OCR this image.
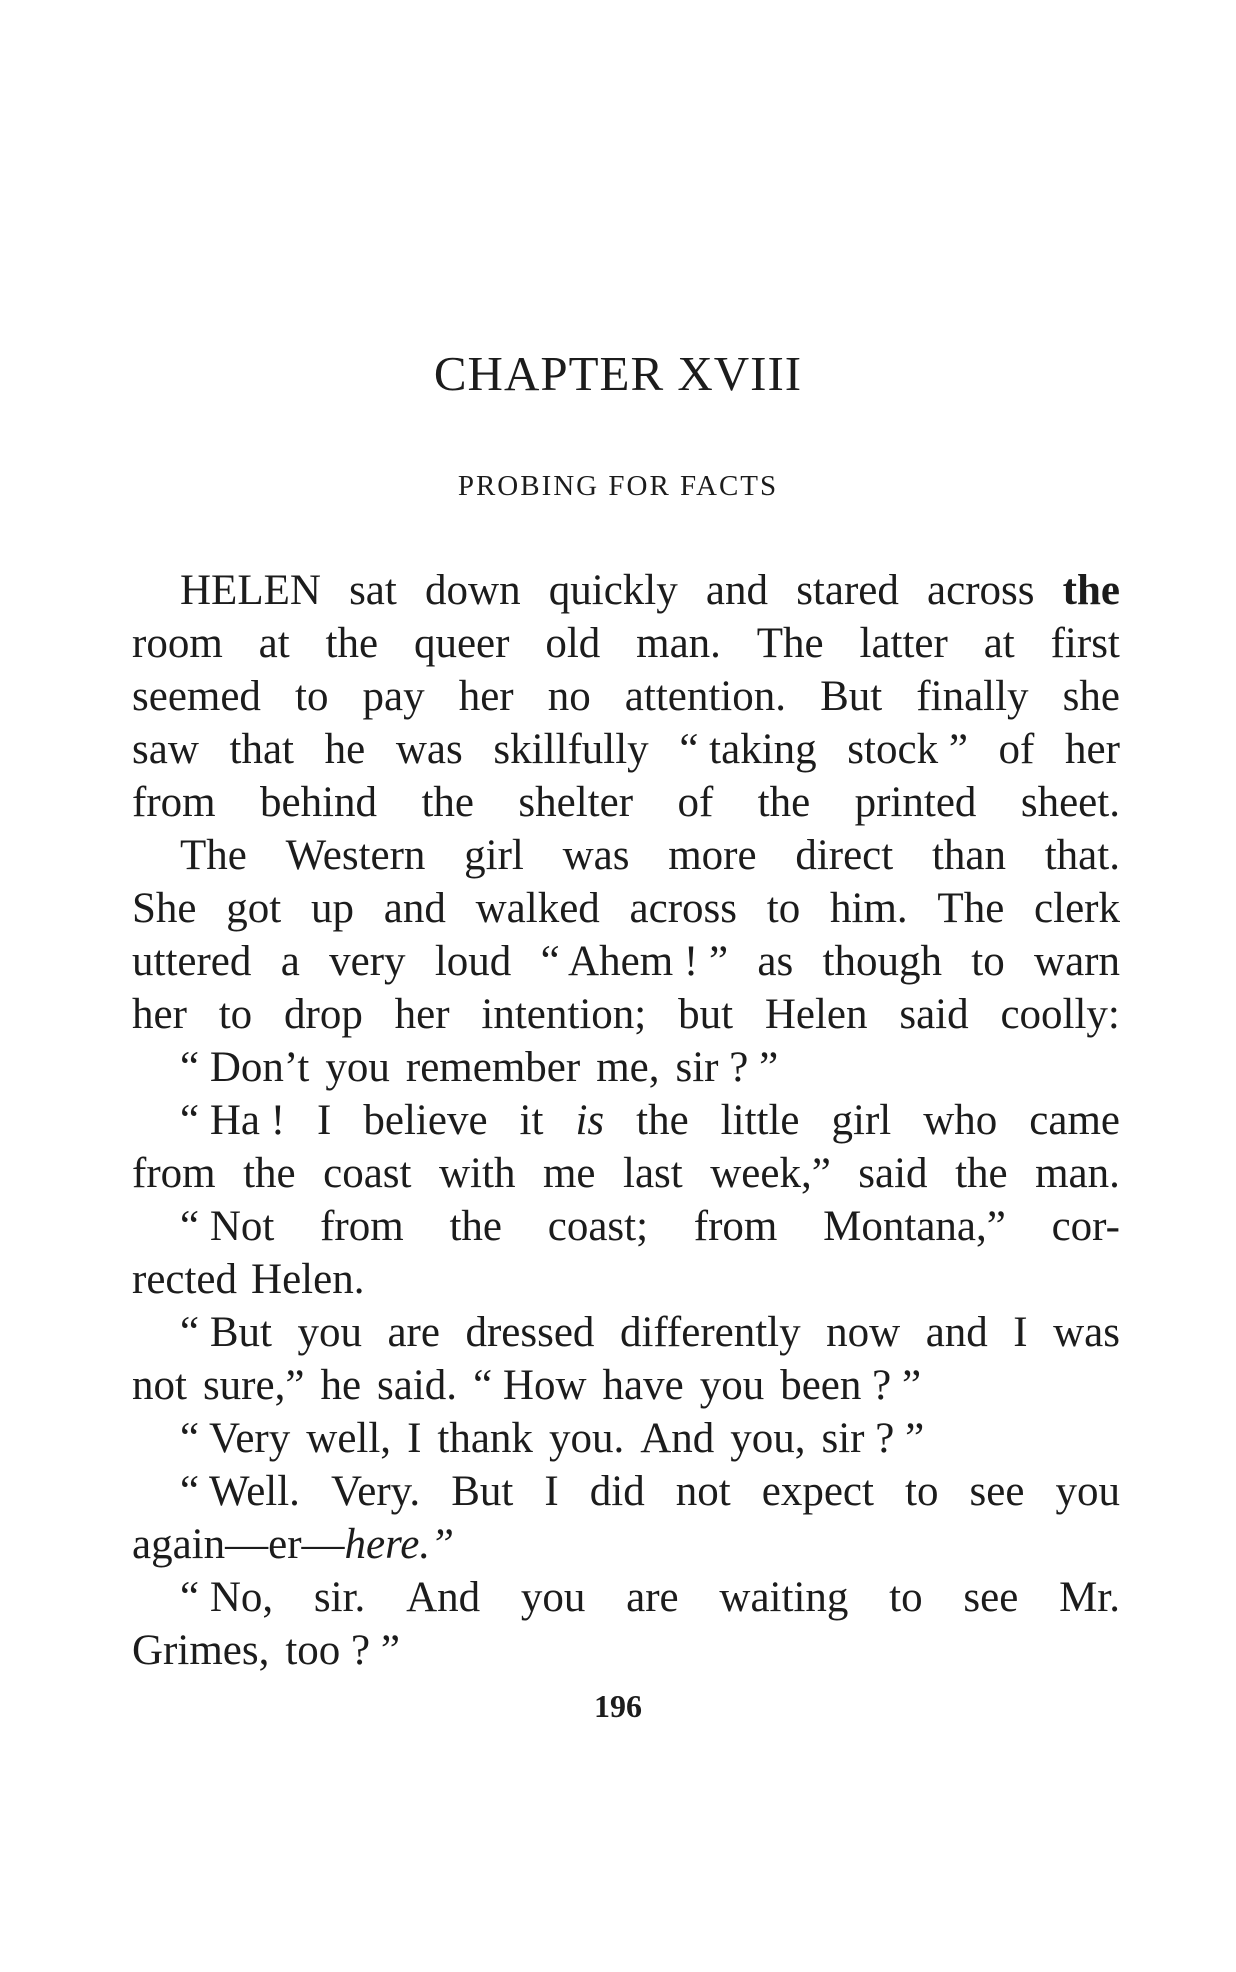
CHAPTER XVIII
PROBING FOR FACTS
HELEN sat down quickly and stared across the
room at the queer old man. The latter at first
seemed to pay her no attention. But finally she
saw that he was skillfully “ taking stock ” of her
from behind the shelter of the printed sheet.
The Western girl was more direct than that.
She got up and walked across to him. The clerk
uttered a very loud “ Ahem ! ” as though to warn
her to drop her intention; but Helen said coolly:
“ Don’t you remember me, sir ? ”
“ Ha ! I believe it is the little girl who came
from the coast with me last week,” said the man.
“ Not from the coast; from Montana,” cor-
rected Helen.
“ But you are dressed differently now and I was
not sure,” he said. “ How have you been ? ”
“ Very well, I thank you. And you, sir ? ”
“ Well. Very. But I did not expect to see you
again—er—here.”
“ No, sir. And you are waiting to see Mr.
Grimes, too ? ”
196
